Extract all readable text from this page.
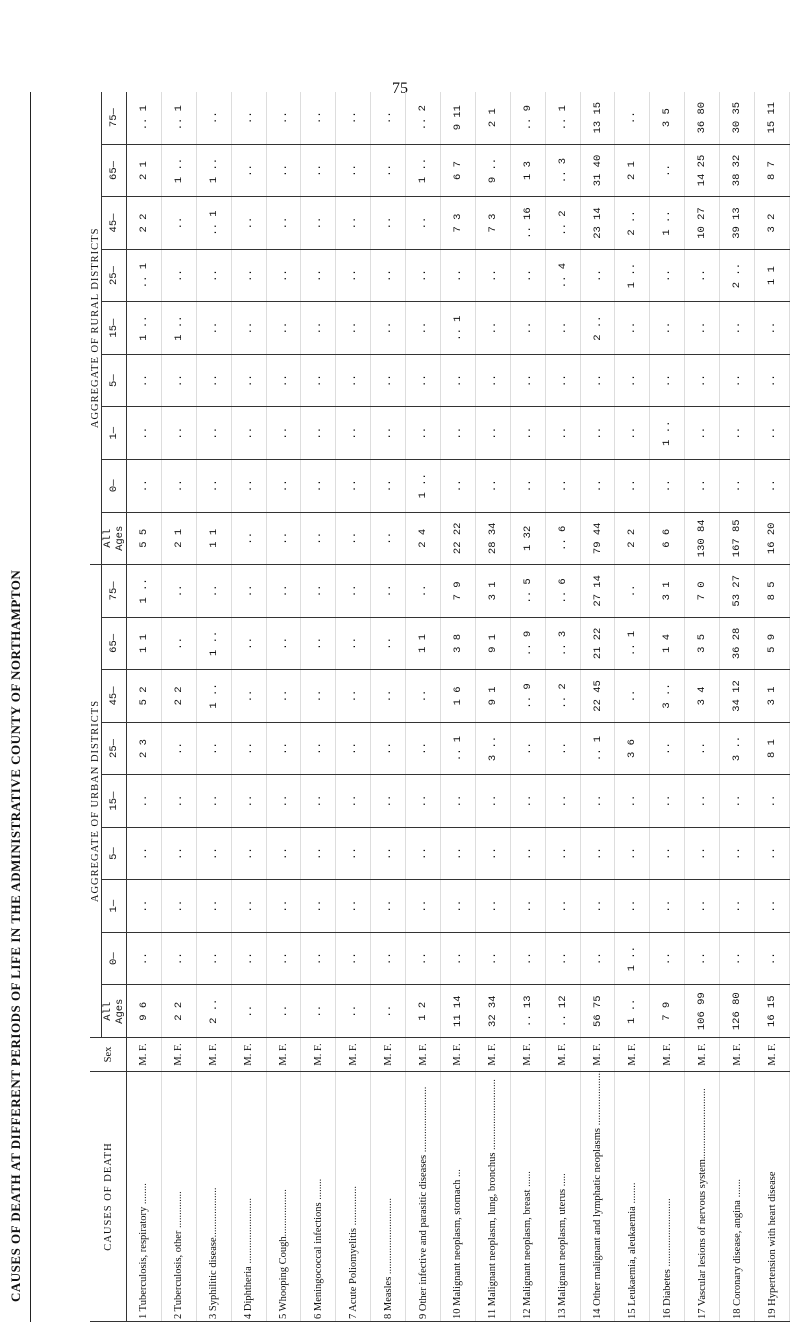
75
CAUSES OF DEATH AT DIFFERENT PERIODS OF LIFE IN THE ADMINISTRATIVE COUNTY OF NORTHAMPTON	CAUSES OF DEATH	Sex	AGGREGATE OF URBAN DISTRICTS									AGGREGATE OF RURAL DISTRICTS								
		All Ages	0—	1—	5—	15—	25—	45—	65—	75—	All Ages	0—	1—	5—	15—	25—	45—	65—	75—
1 Tuberculosis, respiratory ........	M. F.	9 6	..	..	..	..	2 3	5 2	1 1	1 ..	5 5	..	..	..	1 ..	.. 1	2 2	2 1	.. 1
2 Tuberculosis, other ..............	M. F.	2 2	..	..	..	..	..	2 2	..	..	2 1	..	..	..	1 ..	..	..	1 ..	.. 1
3 Syphilitic disease...................	M. F.	2 ..	..	..	..	..	..	1 ..	1 ..	..	1 1	..	..	..	..	..	.. 1	1 ..	..
4 Diphtheria .........................	M. F.	..	..	..	..	..	..	..	..	..	..	..	..	..	..	..	..	..	..
5 Whooping Cough..................	M. F.	..	..	..	..	..	..	..	..	..	..	..	..	..	..	..	..	..	..
6 Meningococcal infections ........	M. F.	..	..	..	..	..	..	..	..	..	..	..	..	..	..	..	..	..	..
7 Acute Poliomyelitis ...............	M. F.	..	..	..	..	..	..	..	..	..	..	..	..	..	..	..	..	..	..
8 Measles .............................	M. F.	..	..	..	..	..	..	..	..	..	..	..	..	..	..	..	..	..	..
9 Other infective and parasitic diseases .........................	M. F.	1 2	..	..	..	..	..	..	1 1	..	2 4	1 ..	..	..	..	..	..	1 ..	.. 2
10 Malignant neoplasm, stomach ...	M. F.	11 14	..	..	..	..	.. 1	1 6	3 8	7 9	22 22	..	..	..	.. 1	..	7 3	6 7	9 11
11 Malignant neoplasm, lung, bronchus ...........................	M. F.	32 34	..	..	..	..	3 ..	9 1	9 1	3 1	28 34	..	..	..	..	..	7 3	9 ..	2 1
12 Malignant neoplasm, breast ......	M. F.	.. 13	..	..	..	..	..	.. 9	.. 9	.. 5	1 32	..	..	..	..	..	.. 16	1 3	.. 9
13 Malignant neoplasm, uterus .....	M. F.	.. 12	..	..	..	..	..	.. 2	.. 3	.. 6	.. 6	..	..	..	..	.. 4	.. 2	.. 3	.. 1
14 Other malignant and lymphatic neoplasms .....................	M. F.	56 75	..	..	..	..	.. 1	22 45	21 22	27 14	79 44	..	..	..	2 ..	..	23 14	31 40	13 15
15 Leukaemia, aleukaemia ........	M. F.	1 ..	1 ..	..	..	..	3 6	..	.. 1	..	2 2	..	..	..	..	1 ..	2 ..	2 1	..
16 Diabetes ..........................	M. F.	7 9	..	..	..	..	..	3 ..	1 4	3 1	6 6	..	1 ..	..	..	..	1 ..	..	3 5
17 Vascular lesions of nervous system...........................	M. F.	106 99	..	..	..	..	..	3 4	3 5	7 0	130 84	..	..	..	..	..	10 27	14 25	36 80
18 Coronary disease, angina .......	M. F.	126 80	..	..	..	..	3 ..	34 12	36 28	53 27	167 85	..	..	..	..	2 ..	39 13	38 32	30 35
19 Hypertension with heart disease	M. F.	16 15	..	..	..	..	8 1	3 1	5 9	8 5	16 20	..	..	..	..	1 1	3 2	8 7	15 11
